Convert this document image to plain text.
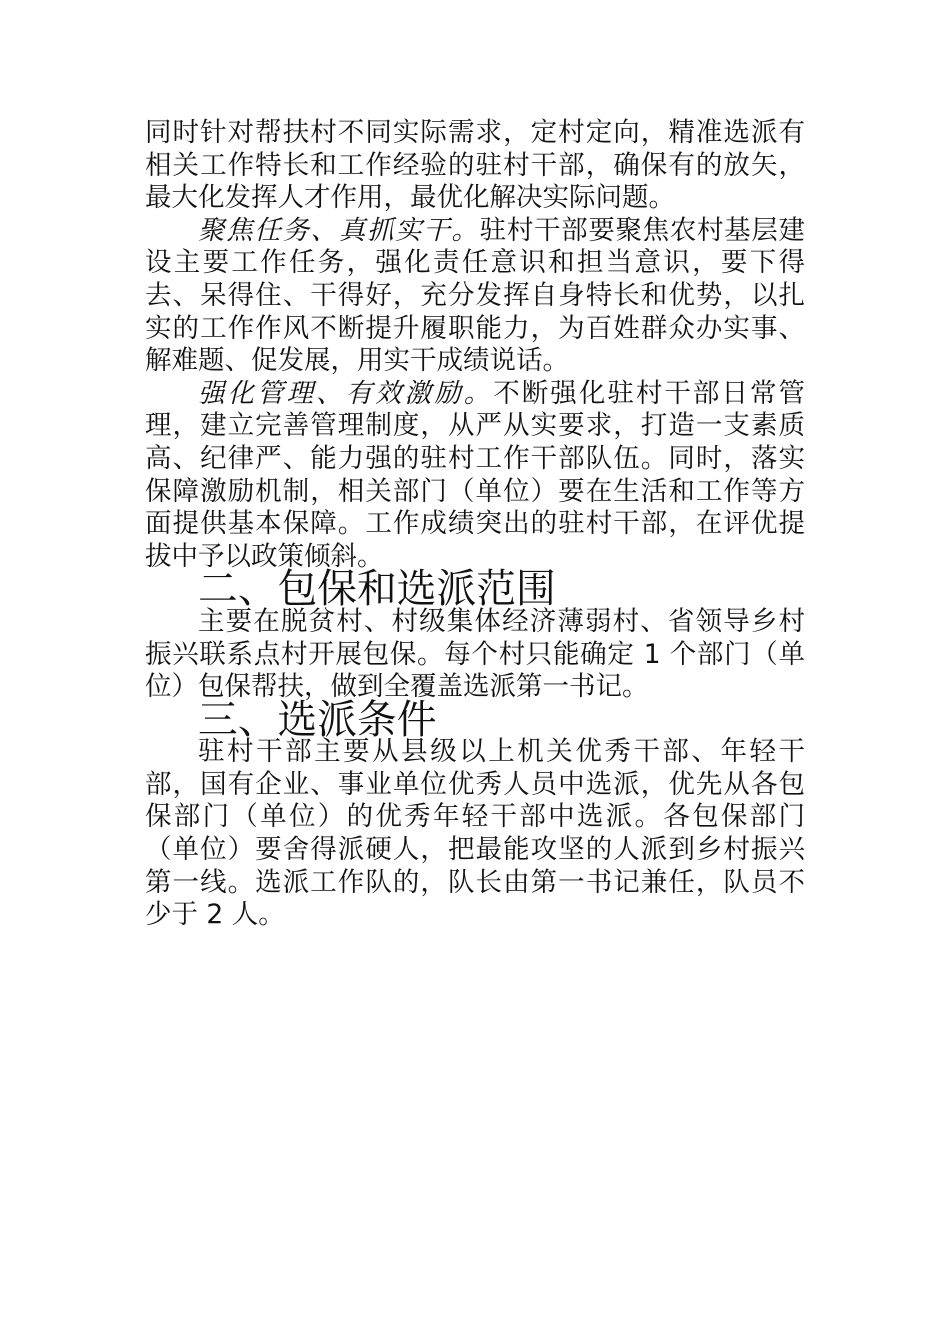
同时针对帮扶村不同实际需求，定村定向，精准选派有相关工作特长和工作经验的驻村干部，确保有的放矢，最大化发挥人才作用，最优化解决实际问题。

聚焦任务、真抓实干。驻村干部要聚焦农村基层建设主要工作任务，强化责任意识和担当意识，要下得去、呆得住、干得好，充分发挥自身特长和优势，以扎实的工作作风不断提升履职能力，为百姓群众办实事、解难题、促发展，用实干成绩说话。

强化管理、有效激励。不断强化驻村干部日常管理，建立完善管理制度，从严从实要求，打造一支素质高、纪律严、能力强的驻村工作干部队伍。同时，落实保障激励机制，相关部门（单位）要在生活和工作等方面提供基本保障。工作成绩突出的驻村干部，在评优提拔中予以政策倾斜。

二、包保和选派范围

主要在脱贫村、村级集体经济薄弱村、省领导乡村振兴联系点村开展包保。每个村只能确定 1 个部门（单位）包保帮扶，做到全覆盖选派第一书记。

三、选派条件

驻村干部主要从县级以上机关优秀干部、年轻干部，国有企业、事业单位优秀人员中选派，优先从各包保部门（单位）的优秀年轻干部中选派。各包保部门（单位）要舍得派硬人，把最能攻坚的人派到乡村振兴第一线。选派工作队的，队长由第一书记兼任，队员不少于 2 人。
